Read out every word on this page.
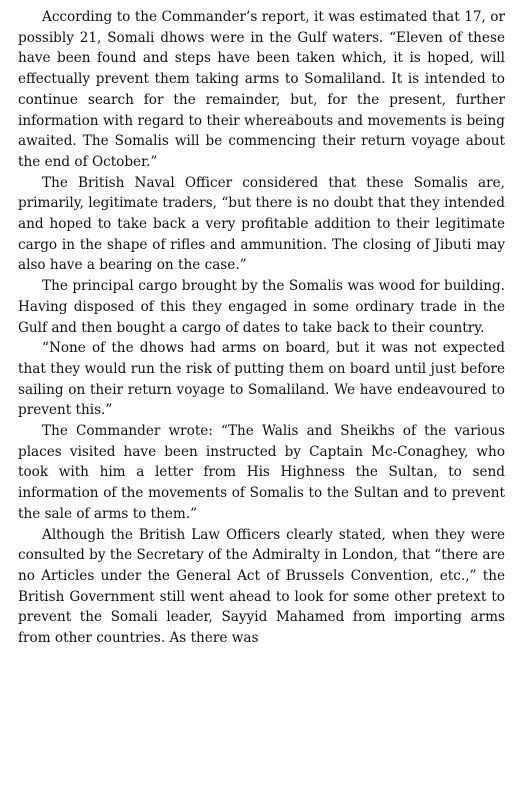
According to the Commander’s report, it was estimated that 17, or possibly 21, Somali dhows were in the Gulf waters. “Eleven of these have been found and steps have been taken which, it is hoped, will effectually prevent them taking arms to Somaliland. It is intended to continue search for the remainder, but, for the present, further information with regard to their whereabouts and movements is being awaited. The Somalis will be commencing their return voyage about the end of October.”

The British Naval Officer considered that these Somalis are, primarily, legitimate traders, “but there is no doubt that they intended and hoped to take back a very profitable addition to their legitimate cargo in the shape of rifles and ammunition. The closing of Jibuti may also have a bearing on the case.”

The principal cargo brought by the Somalis was wood for building. Having disposed of this they engaged in some ordinary trade in the Gulf and then bought a cargo of dates to take back to their country.

“None of the dhows had arms on board, but it was not expected that they would run the risk of putting them on board until just before sailing on their return voyage to Somaliland. We have endeavoured to prevent this.”

The Commander wrote: “The Walis and Sheikhs of the various places visited have been instructed by Captain Mc-Conaghey, who took with him a letter from His Highness the Sultan, to send information of the movements of Somalis to the Sultan and to prevent the sale of arms to them.”

Although the British Law Officers clearly stated, when they were consulted by the Secretary of the Admiralty in London, that “there are no Articles under the General Act of Brussels Convention, etc.,” the British Government still went ahead to look for some other pretext to prevent the Somali leader, Sayyid Mahamed from importing arms from other countries. As there was
